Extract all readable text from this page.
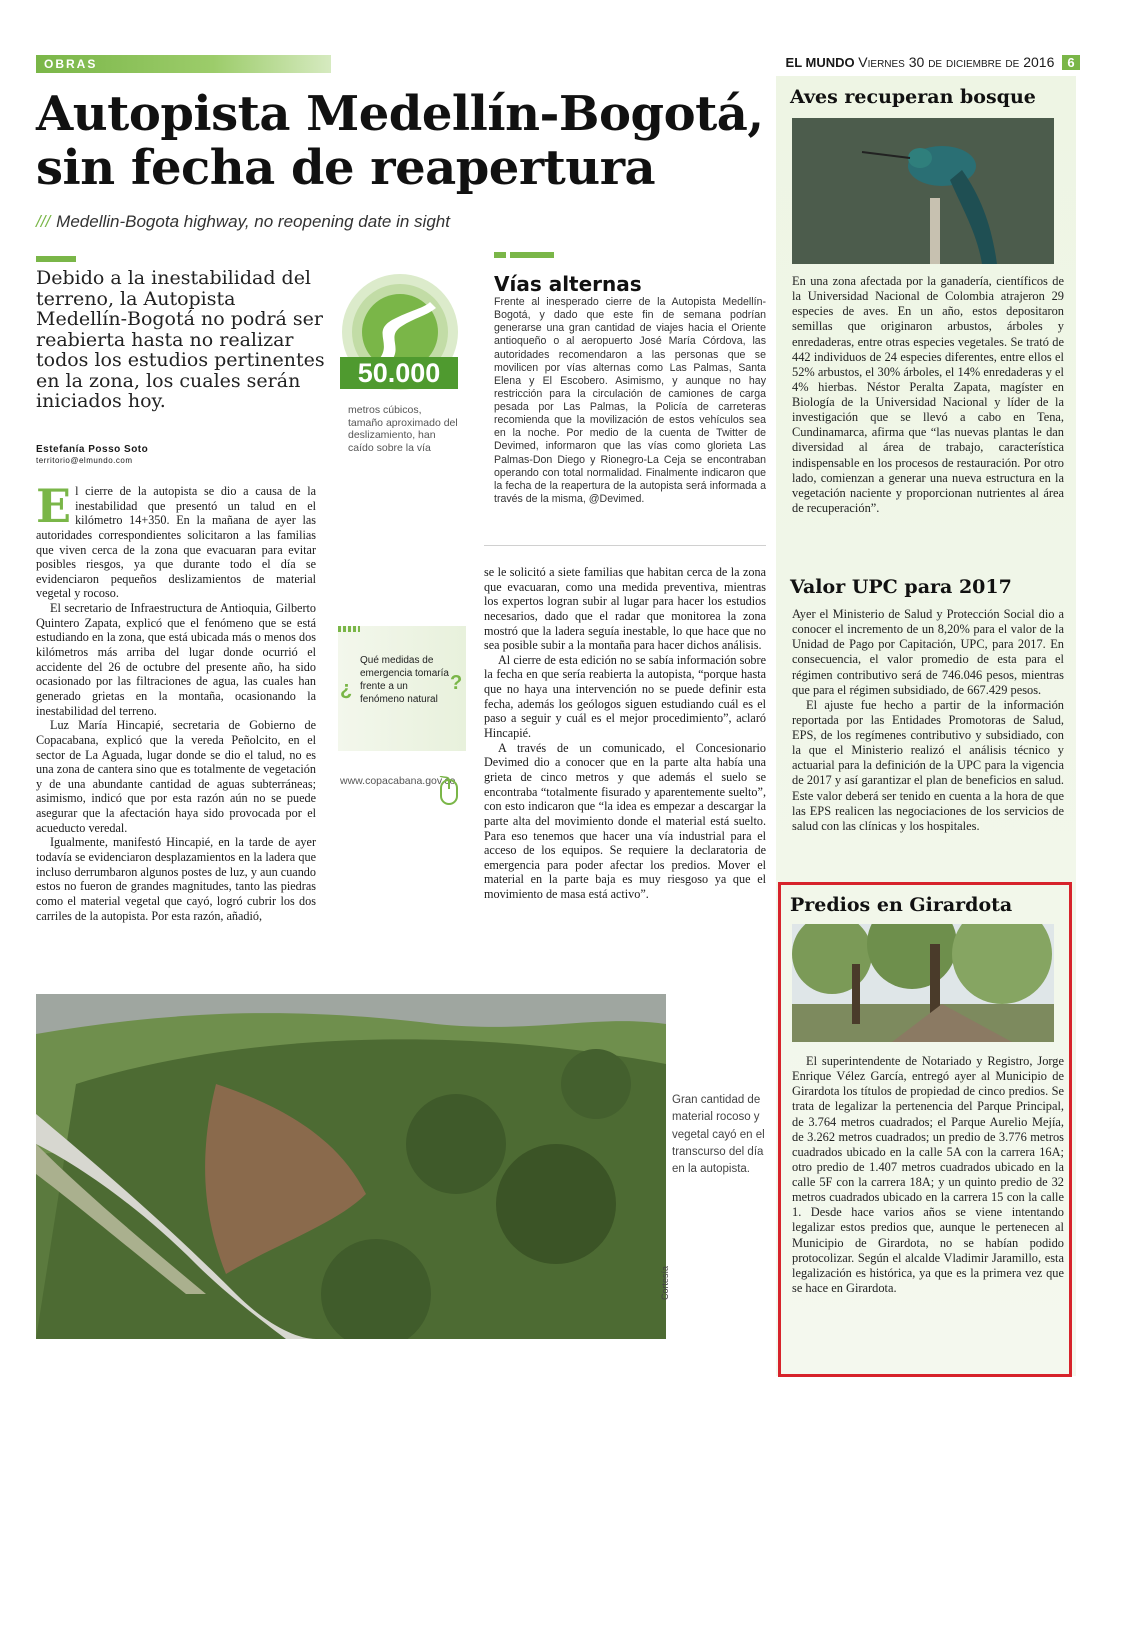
OBRAS	EL MUNDO Viernes 30 de diciembre de 2016 6
Autopista Medellín-Bogotá, sin fecha de reapertura
/// Medellin-Bogota highway, no reopening date in sight
Debido a la inestabilidad del terreno, la Autopista Medellín-Bogotá no podrá ser reabierta hasta no realizar todos los estudios pertinentes en la zona, los cuales serán iniciados hoy.
Estefanía Posso Soto
territorio@elmundo.com

El cierre de la autopista se dio a causa de la inestabilidad que presentó un talud en el kilómetro 14+350. En la mañana de ayer las autoridades correspondientes solicitaron a las familias que viven cerca de la zona que evacuaran para evitar posibles riesgos, ya que durante todo el día se evidenciaron pequeños deslizamientos de material vegetal y rocoso.

El secretario de Infraestructura de Antioquia, Gilberto Quintero Zapata, explicó que el fenómeno que se está estudiando en la zona, que está ubicada más o menos dos kilómetros más arriba del lugar donde ocurrió el accidente del 26 de octubre del presente año, ha sido ocasionado por las filtraciones de agua, las cuales han generado grietas en la montaña, ocasionando la inestabilidad del terreno.

Luz María Hincapié, secretaria de Gobierno de Copacabana, explicó que la vereda Peñolcito, en el sector de La Aguada, lugar donde se dio el talud, no es una zona de cantera sino que es totalmente de vegetación y de una abundante cantidad de aguas subterráneas; asimismo, indicó que por esta razón aún no se puede asegurar que la afectación haya sido provocada por el acueducto veredal.

Igualmente, manifestó Hincapié, en la tarde de ayer todavía se evidenciaron desplazamientos en la ladera que incluso derrumbaron algunos postes de luz, y aun cuando estos no fueron de grandes magnitudes, tanto las piedras como el material vegetal que cayó, logró cubrir los dos carriles de la autopista. Por esta razón, añadió,

50.000
metros cúbicos, tamaño aproximado del deslizamiento, han caído sobre la vía
Vías alternas
Frente al inesperado cierre de la Autopista Medellín-Bogotá, y dado que este fin de semana podrían generarse una gran cantidad de viajes hacia el Oriente antioqueño o al aeropuerto José María Córdova, las autoridades recomendaron a las personas que se movilicen por vías alternas como Las Palmas, Santa Elena y El Escobero. Asimismo, y aunque no hay restricción para la circulación de camiones de carga pesada por Las Palmas, la Policía de carreteras recomienda que la movilización de estos vehículos sea en la noche. Por medio de la cuenta de Twitter de Devimed, informaron que las vías como glorieta Las Palmas-Don Diego y Rionegro-La Ceja se encontraban operando con total normalidad. Finalmente indicaron que la fecha de la reapertura de la autopista será informada a través de la misma, @Devimed.
¿
Qué medidas de emergencia tomaría frente a un fenómeno natural
?
www.copacabana.gov.co

se le solicitó a siete familias que habitan cerca de la zona que evacuaran, como una medida preventiva, mientras los expertos logran subir al lugar para hacer los estudios necesarios, dado que el radar que monitorea la zona mostró que la ladera seguía inestable, lo que hace que no sea posible subir a la montaña para hacer dichos análisis.

Al cierre de esta edición no se sabía información sobre la fecha en que sería reabierta la autopista, “porque hasta que no haya una intervención no se puede definir esta fecha, además los geólogos siguen estudiando cuál es el paso a seguir y cuál es el mejor procedimiento”, aclaró Hincapié.

A través de un comunicado, el Concesionario Devimed dio a conocer que en la parte alta había una grieta de cinco metros y que además el suelo se encontraba “totalmente fisurado y aparentemente suelto”, con esto indicaron que “la idea es empezar a descargar la parte alta del movimiento donde el material está suelto. Para eso tenemos que hacer una vía industrial para el acceso de los equipos. Se requiere la declaratoria de emergencia para poder afectar los predios. Mover el material en la parte baja es muy riesgoso ya que el movimiento de masa está activo”.

Gran cantidad de material rocoso y vegetal cayó en el transcurso del día en la autopista.
Cortesía
Aves recuperan bosque

En una zona afectada por la ganadería, científicos de la Universidad Nacional de Colombia atrajeron 29 especies de aves. En un año, estos depositaron semillas que originaron arbustos, árboles y enredaderas, entre otras especies vegetales. Se trató de 442 individuos de 24 especies diferentes, entre ellos el 52% arbustos, el 30% árboles, el 14% enredaderas y el 4% hierbas. Néstor Peralta Zapata, magíster en Biología de la Universidad Nacional y líder de la investigación que se llevó a cabo en Tena, Cundinamarca, afirma que “las nuevas plantas le dan diversidad al área de trabajo, característica indispensable en los procesos de restauración. Por otro lado, comienzan a generar una nueva estructura en la vegetación naciente y proporcionan nutrientes al área de recuperación”.

Valor UPC para 2017

Ayer el Ministerio de Salud y Protección Social dio a conocer el incremento de un 8,20% para el valor de la Unidad de Pago por Capitación, UPC, para 2017. En consecuencia, el valor promedio de esta para el régimen contributivo será de 746.046 pesos, mientras que para el régimen subsidiado, de 667.429 pesos.

El ajuste fue hecho a partir de la información reportada por las Entidades Promotoras de Salud, EPS, de los regímenes contributivo y subsidiado, con la que el Ministerio realizó el análisis técnico y actuarial para la definición de la UPC para la vigencia de 2017 y así garantizar el plan de beneficios en salud. Este valor deberá ser tenido en cuenta a la hora de que las EPS realicen las negociaciones de los servicios de salud con las clínicas y los hospitales.

Predios en Girardota

El superintendente de Notariado y Registro, Jorge Enrique Vélez García, entregó ayer al Municipio de Girardota los títulos de propiedad de cinco predios. Se trata de legalizar la pertenencia del Parque Principal, de 3.764 metros cuadrados; el Parque Aurelio Mejía, de 3.262 metros cuadrados; un predio de 3.776 metros cuadrados ubicado en la calle 5A con la carrera 16A; otro predio de 1.407 metros cuadrados ubicado en la calle 5F con la carrera 18A; y un quinto predio de 32 metros cuadrados ubicado en la carrera 15 con la calle 1. Desde hace varios años se viene intentando legalizar estos predios que, aunque le pertenecen al Municipio de Girardota, no se habían podido protocolizar. Según el alcalde Vladimir Jaramillo, esta legalización es histórica, ya que es la primera vez que se hace en Girardota.
